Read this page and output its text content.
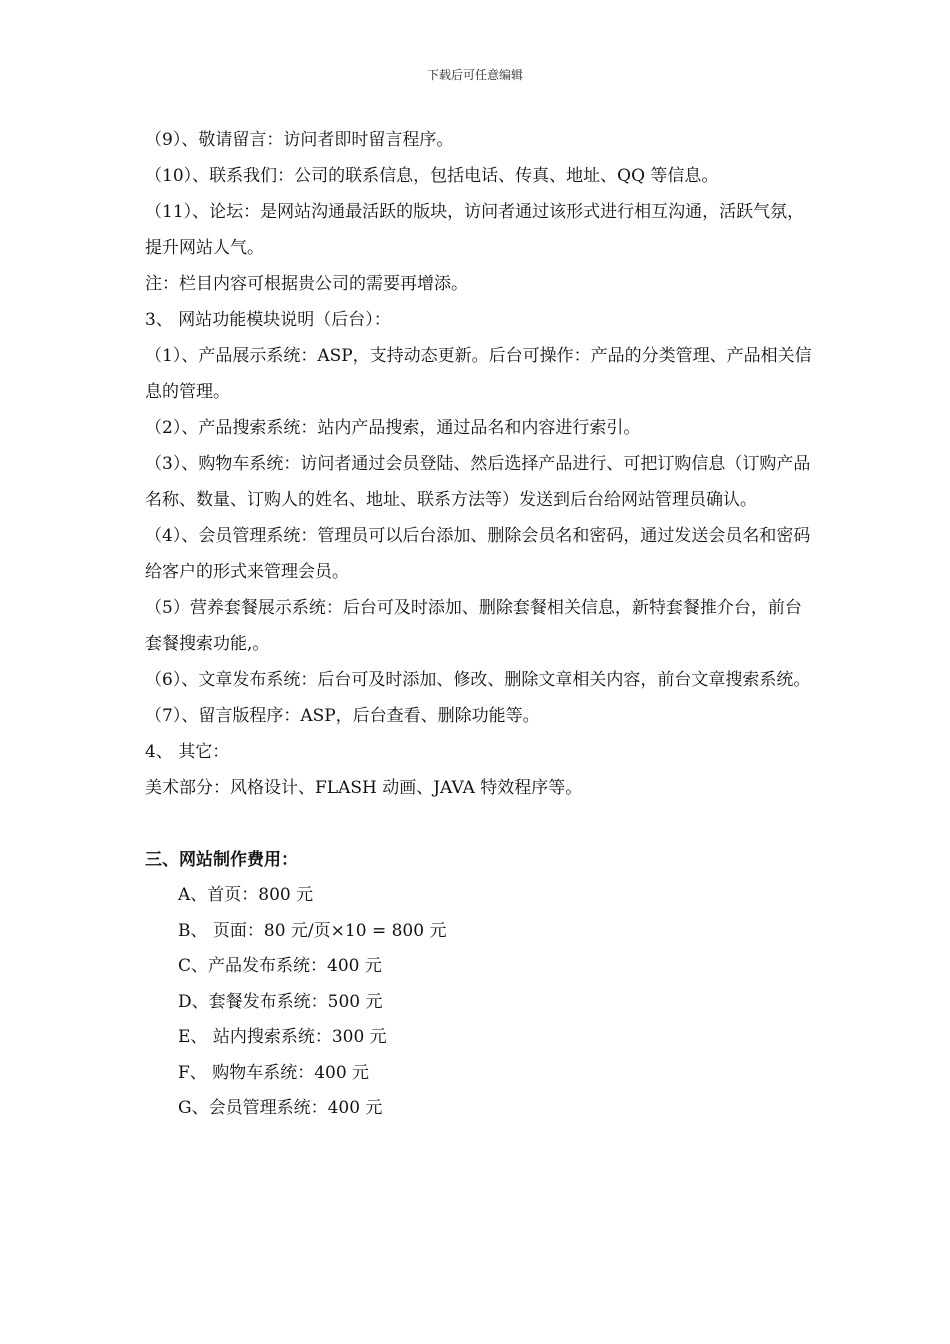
下载后可任意编辑

（9）、敬请留言：访问者即时留言程序。

（10）、联系我们：公司的联系信息，包括电话、传真、地址、QQ 等信息。

（11）、论坛：是网站沟通最活跃的版块，访问者通过该形式进行相互沟通，活跃气氛，提升网站人气。

注：栏目内容可根据贵公司的需要再增添。

3、 网站功能模块说明（后台）：

（1）、产品展示系统：ASP，支持动态更新。后台可操作：产品的分类管理、产品相关信息的管理。

（2）、产品搜索系统：站内产品搜索，通过品名和内容进行索引。

（3）、购物车系统：访问者通过会员登陆、然后选择产品进行、可把订购信息（订购产品名称、数量、订购人的姓名、地址、联系方法等）发送到后台给网站管理员确认。

（4）、会员管理系统：管理员可以后台添加、删除会员名和密码，通过发送会员名和密码给客户的形式来管理会员。

（5）营养套餐展示系统：后台可及时添加、删除套餐相关信息，新特套餐推介台，前台套餐搜索功能,。

（6）、文章发布系统：后台可及时添加、修改、删除文章相关内容，前台文章搜索系统。

（7）、留言版程序：ASP，后台查看、删除功能等。

4、 其它：

美术部分：风格设计、FLASH 动画、JAVA 特效程序等。

三、网站制作费用：

A、首页：800 元
B、 页面：80 元/页×10 = 800 元
C、产品发布系统：400 元
D、套餐发布系统：500 元
E、 站内搜索系统：300 元
F、 购物车系统：400 元
G、会员管理系统：400 元
